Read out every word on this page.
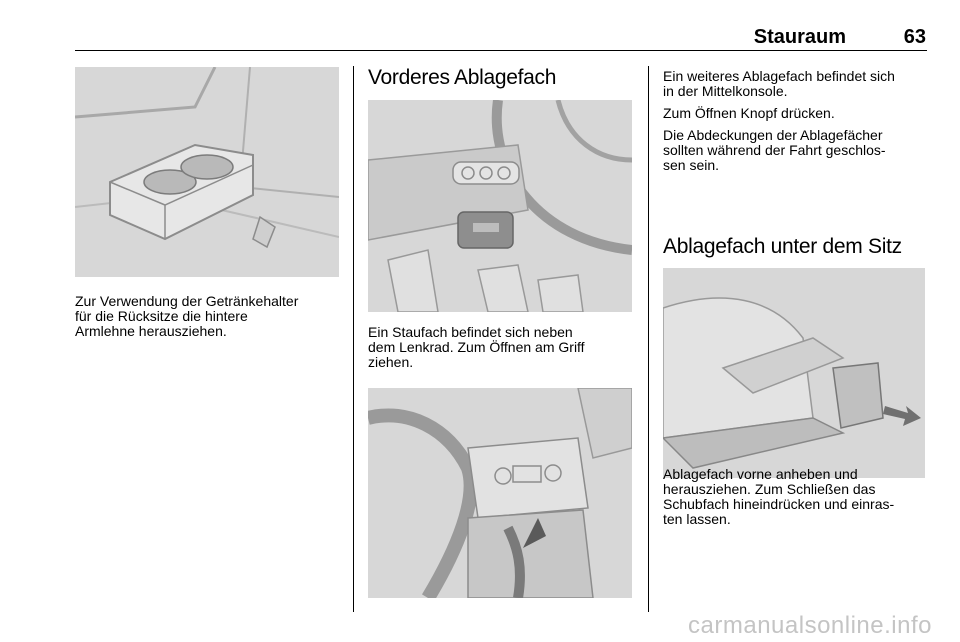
Stauraum	63
Zur Verwendung der Getränkehalter
für die Rücksitze die hintere
Armlehne herausziehen.
Vorderes Ablagefach
Ein Staufach befindet sich neben
dem Lenkrad. Zum Öffnen am Griff
ziehen.

Ein weiteres Ablagefach befindet sich
in der Mittelkonsole.

Zum Öffnen Knopf drücken.

Die Abdeckungen der Ablagefächer
sollten während der Fahrt geschlos-
sen sein.

Ablagefach unter dem Sitz
Ablagefach vorne anheben und
herausziehen. Zum Schließen das
Schubfach hineindrücken und einras-
ten lassen.
carmanualsonline.info
